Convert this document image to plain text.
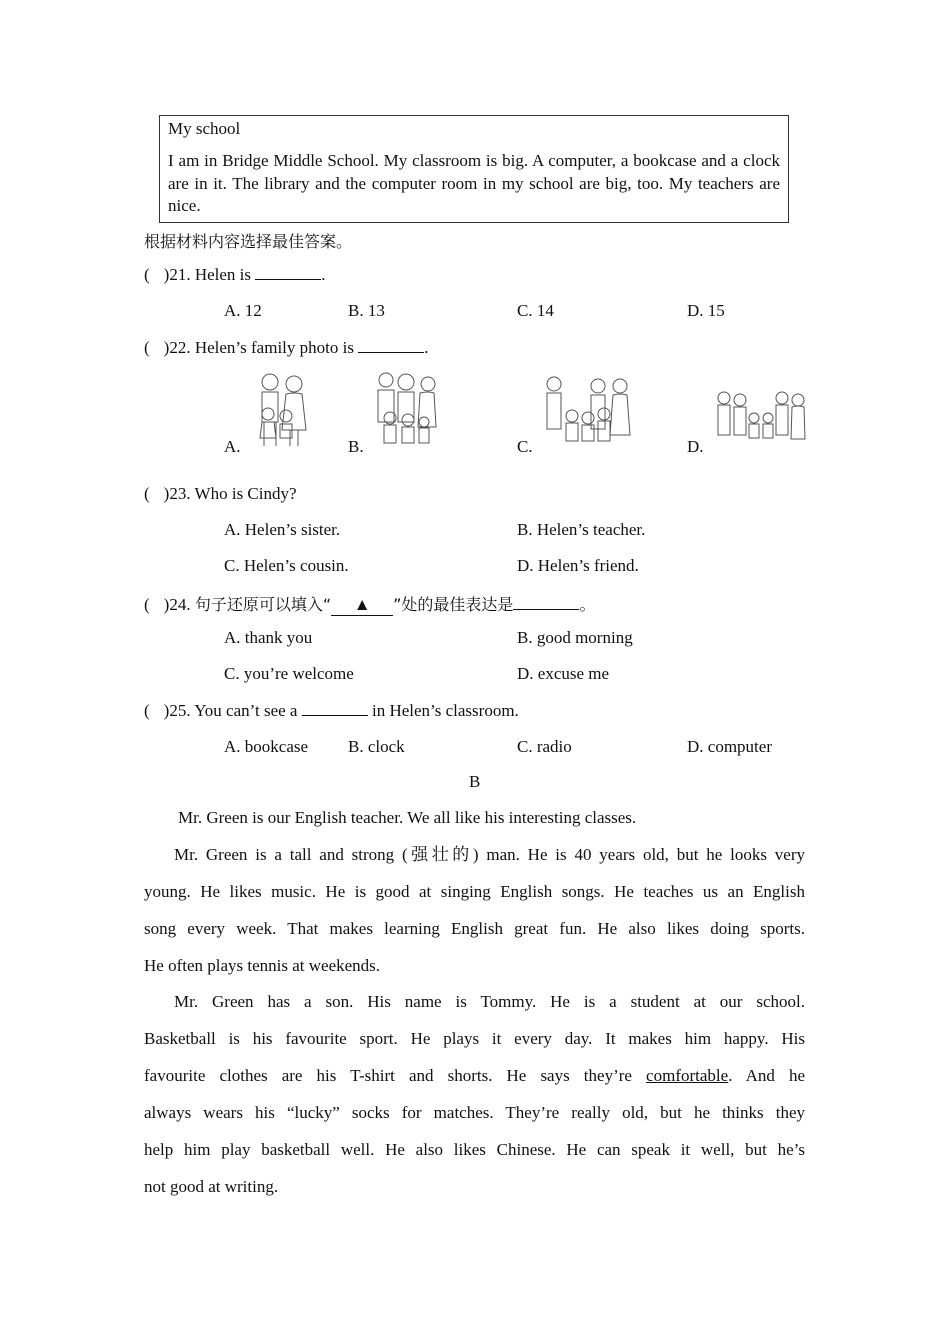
My school
I am in Bridge Middle School. My classroom is big. A computer, a bookcase and a clock are in it. The library and the computer room in my school are big, too. My teachers are nice.
根据材料内容选择最佳答案。
( )21. Helen is	.
A. 12	B. 13	C. 14	D. 15
( )22. Helen’s family photo is	.
A.	B.	C.	D.
( )23. Who is Cindy?
A. Helen’s sister.	B. Helen’s teacher.
C. Helen’s cousin.	D. Helen’s friend.
( )24. 句子还原可以填入“ ▲ ”处的最佳表达是	。
A. thank you	B. good morning
C. you’re welcome	D. excuse me
( )25. You can’t see a	in Helen’s classroom.
A. bookcase B. clock	C. radio	D. computer
B
Mr. Green is our English teacher. We all like his interesting classes.
Mr. Green is a tall and strong (强壮的) man. He is 40 years old, but he looks very
young. He likes music. He is good at singing English songs. He teaches us an English
song every week. That makes learning English great fun. He also likes doing sports.
He often plays tennis at weekends.
Mr. Green has a son. His name is Tommy. He is a student at our school.
Basketball is his favourite sport. He plays it every day. It makes him happy. His
favourite clothes are his T-shirt and shorts. He says they’re comfortable. And he
always wears his “lucky” socks for matches. They’re really old, but he thinks they
help him play basketball well. He also likes Chinese. He can speak it well, but he’s
not good at writing.
